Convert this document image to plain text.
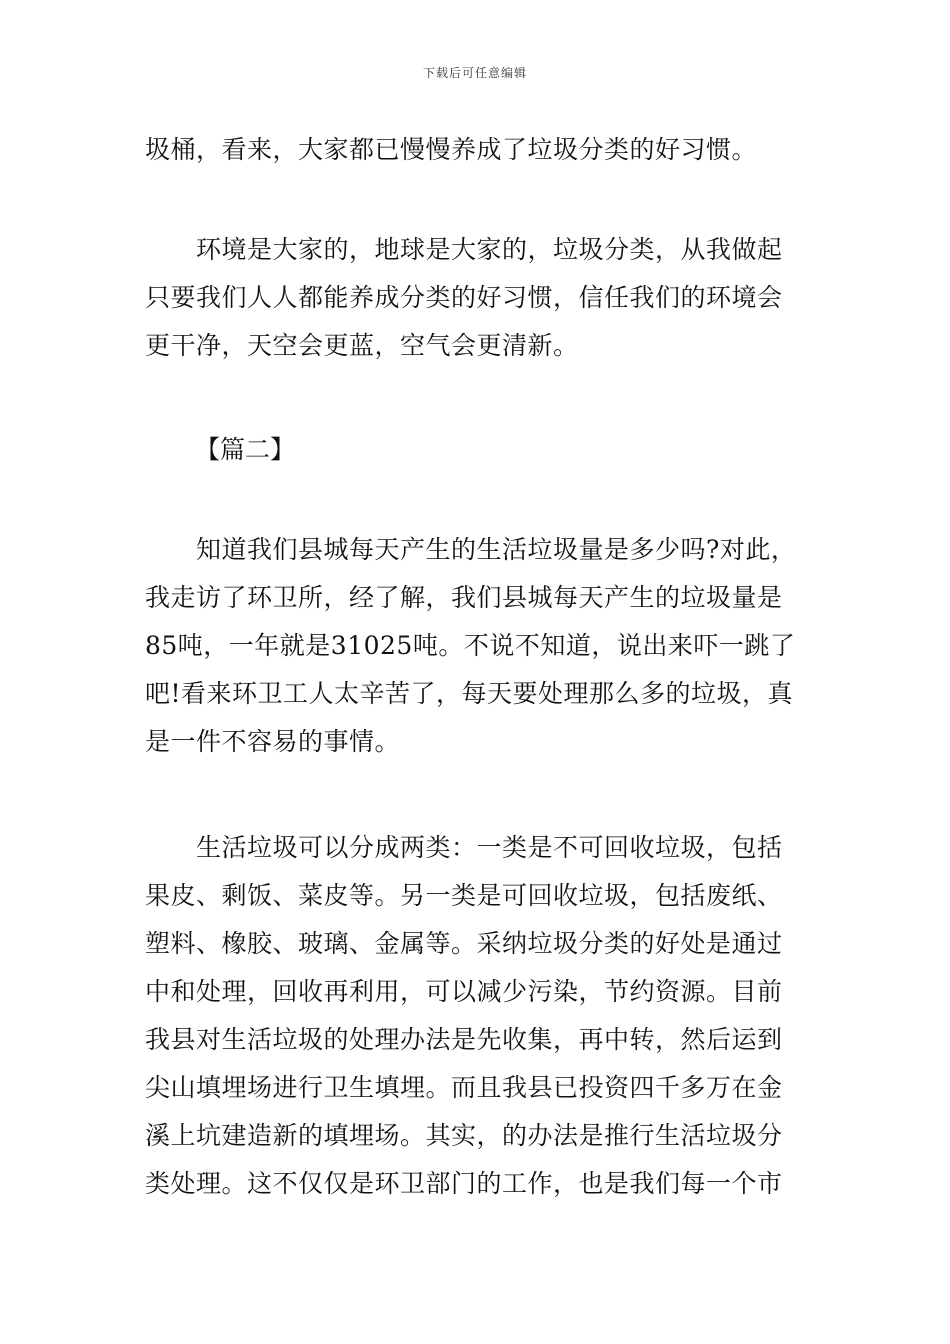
下载后可任意编辑
圾桶，看来，大家都已慢慢养成了垃圾分类的好习惯。
　　环境是大家的，地球是大家的，垃圾分类，从我做起
只要我们人人都能养成分类的好习惯，信任我们的环境会
更干净，天空会更蓝，空气会更清新。
【篇二】
　　知道我们县城每天产生的生活垃圾量是多少吗?对此，
我走访了环卫所，经了解，我们县城每天产生的垃圾量是
85吨，一年就是31025吨。不说不知道，说出来吓一跳了
吧!看来环卫工人太辛苦了，每天要处理那么多的垃圾，真
是一件不容易的事情。
　　生活垃圾可以分成两类：一类是不可回收垃圾，包括
果皮、剩饭、菜皮等。另一类是可回收垃圾，包括废纸、
塑料、橡胶、玻璃、金属等。采纳垃圾分类的好处是通过
中和处理，回收再利用，可以减少污染，节约资源。目前
我县对生活垃圾的处理办法是先收集，再中转，然后运到
尖山填埋场进行卫生填埋。而且我县已投资四千多万在金
溪上坑建造新的填埋场。其实，的办法是推行生活垃圾分
类处理。这不仅仅是环卫部门的工作，也是我们每一个市
